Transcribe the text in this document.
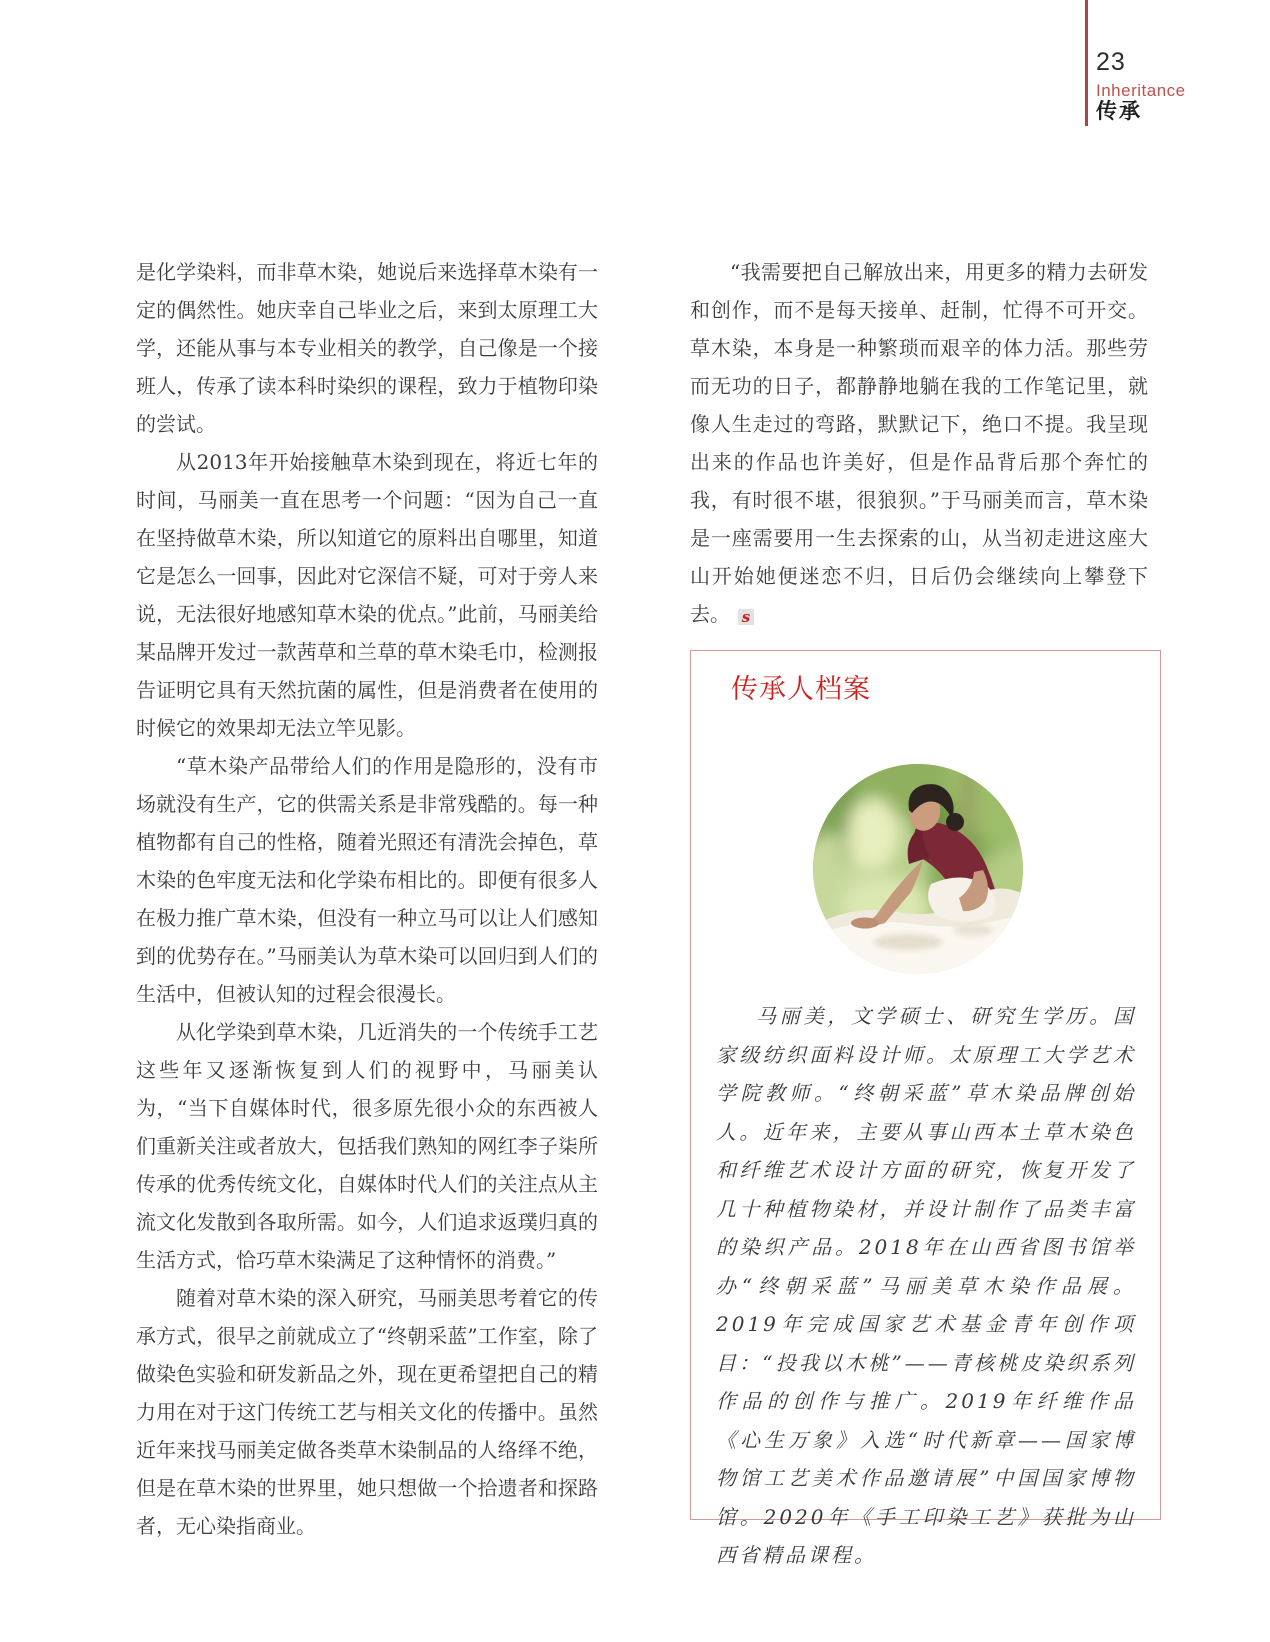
23
Inheritance
传承

是化学染料，而非草木染，她说后来选择草木染有一定的偶然性。她庆幸自己毕业之后，来到太原理工大学，还能从事与本专业相关的教学，自己像是一个接班人，传承了读本科时染织的课程，致力于植物印染的尝试。

从2013年开始接触草木染到现在，将近七年的时间，马丽美一直在思考一个问题：“因为自己一直在坚持做草木染，所以知道它的原料出自哪里，知道它是怎么一回事，因此对它深信不疑，可对于旁人来说，无法很好地感知草木染的优点。”此前，马丽美给某品牌开发过一款茜草和兰草的草木染毛巾，检测报告证明它具有天然抗菌的属性，但是消费者在使用的时候它的效果却无法立竿见影。

“草木染产品带给人们的作用是隐形的，没有市场就没有生产，它的供需关系是非常残酷的。每一种植物都有自己的性格，随着光照还有清洗会掉色，草木染的色牢度无法和化学染布相比的。即便有很多人在极力推广草木染，但没有一种立马可以让人们感知到的优势存在。”马丽美认为草木染可以回归到人们的生活中，但被认知的过程会很漫长。

从化学染到草木染，几近消失的一个传统手工艺这些年又逐渐恢复到人们的视野中，马丽美认为，“当下自媒体时代，很多原先很小众的东西被人们重新关注或者放大，包括我们熟知的网红李子柒所传承的优秀传统文化，自媒体时代人们的关注点从主流文化发散到各取所需。如今，人们追求返璞归真的生活方式，恰巧草木染满足了这种情怀的消费。”

随着对草木染的深入研究，马丽美思考着它的传承方式，很早之前就成立了“终朝采蓝”工作室，除了做染色实验和研发新品之外，现在更希望把自己的精力用在对于这门传统工艺与相关文化的传播中。虽然近年来找马丽美定做各类草木染制品的人络绎不绝，但是在草木染的世界里，她只想做一个拾遗者和探路者，无心染指商业。

“我需要把自己解放出来，用更多的精力去研发和创作，而不是每天接单、赶制，忙得不可开交。草木染，本身是一种繁琐而艰辛的体力活。那些劳而无功的日子，都静静地躺在我的工作笔记里，就像人生走过的弯路，默默记下，绝口不提。我呈现出来的作品也许美好，但是作品背后那个奔忙的我，有时很不堪，很狼狈。”于马丽美而言，草木染是一座需要用一生去探索的山，从当初走进这座大山开始她便迷恋不归，日后仍会继续向上攀登下去。 s

传承人档案

马丽美，文学硕士、研究生学历。国家级纺织面料设计师。太原理工大学艺术学院教师。“终朝采蓝”草木染品牌创始人。近年来，主要从事山西本土草木染色和纤维艺术设计方面的研究，恢复开发了几十种植物染材，并设计制作了品类丰富的染织产品。2018年在山西省图书馆举办“终朝采蓝”马丽美草木染作品展。2019年完成国家艺术基金青年创作项目：“投我以木桃”——青核桃皮染织系列作品的创作与推广。2019年纤维作品《心生万象》入选“时代新章——国家博物馆工艺美术作品邀请展”中国国家博物馆。2020年《手工印染工艺》获批为山西省精品课程。
